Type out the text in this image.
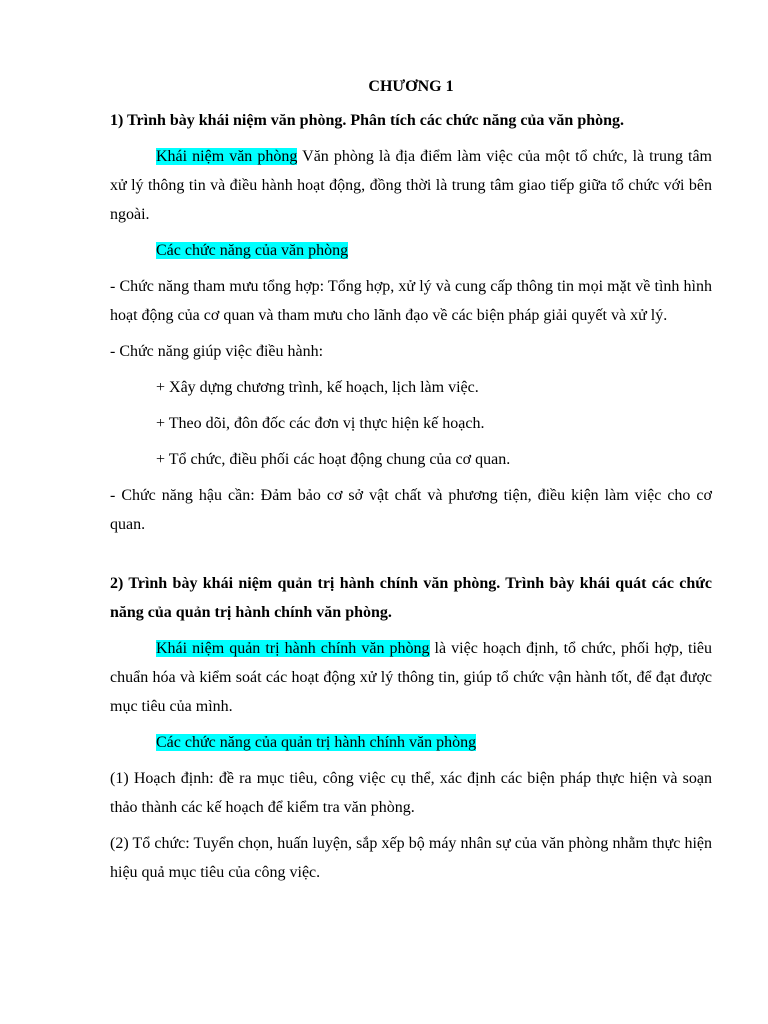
CHƯƠNG 1

1) Trình bày khái niệm văn phòng. Phân tích các chức năng của văn phòng.

Khái niệm văn phòng Văn phòng là địa điểm làm việc của một tổ chức, là trung tâm xử lý thông tin và điều hành hoạt động, đồng thời là trung tâm giao tiếp giữa tổ chức với bên ngoài.

Các chức năng của văn phòng

- Chức năng tham mưu tổng hợp: Tổng hợp, xử lý và cung cấp thông tin mọi mặt về tình hình hoạt động của cơ quan và tham mưu cho lãnh đạo về các biện pháp giải quyết và xử lý.

- Chức năng giúp việc điều hành:

+ Xây dựng chương trình, kế hoạch, lịch làm việc.

+ Theo dõi, đôn đốc các đơn vị thực hiện kế hoạch.

+ Tổ chức, điều phối các hoạt động chung của cơ quan.

- Chức năng hậu cần: Đảm bảo cơ sở vật chất và phương tiện, điều kiện làm việc cho cơ quan.

2) Trình bày khái niệm quản trị hành chính văn phòng. Trình bày khái quát các chức năng của quản trị hành chính văn phòng.

Khái niệm quản trị hành chính văn phòng là việc hoạch định, tổ chức, phối hợp, tiêu chuẩn hóa và kiểm soát các hoạt động xử lý thông tin, giúp tổ chức vận hành tốt, để đạt được mục tiêu của mình.

Các chức năng của quản trị hành chính văn phòng

(1) Hoạch định: đề ra mục tiêu, công việc cụ thể, xác định các biện pháp thực hiện và soạn thảo thành các kế hoạch để kiểm tra văn phòng.

(2) Tổ chức: Tuyển chọn, huấn luyện, sắp xếp bộ máy nhân sự của văn phòng nhằm thực hiện hiệu quả mục tiêu của công việc.
